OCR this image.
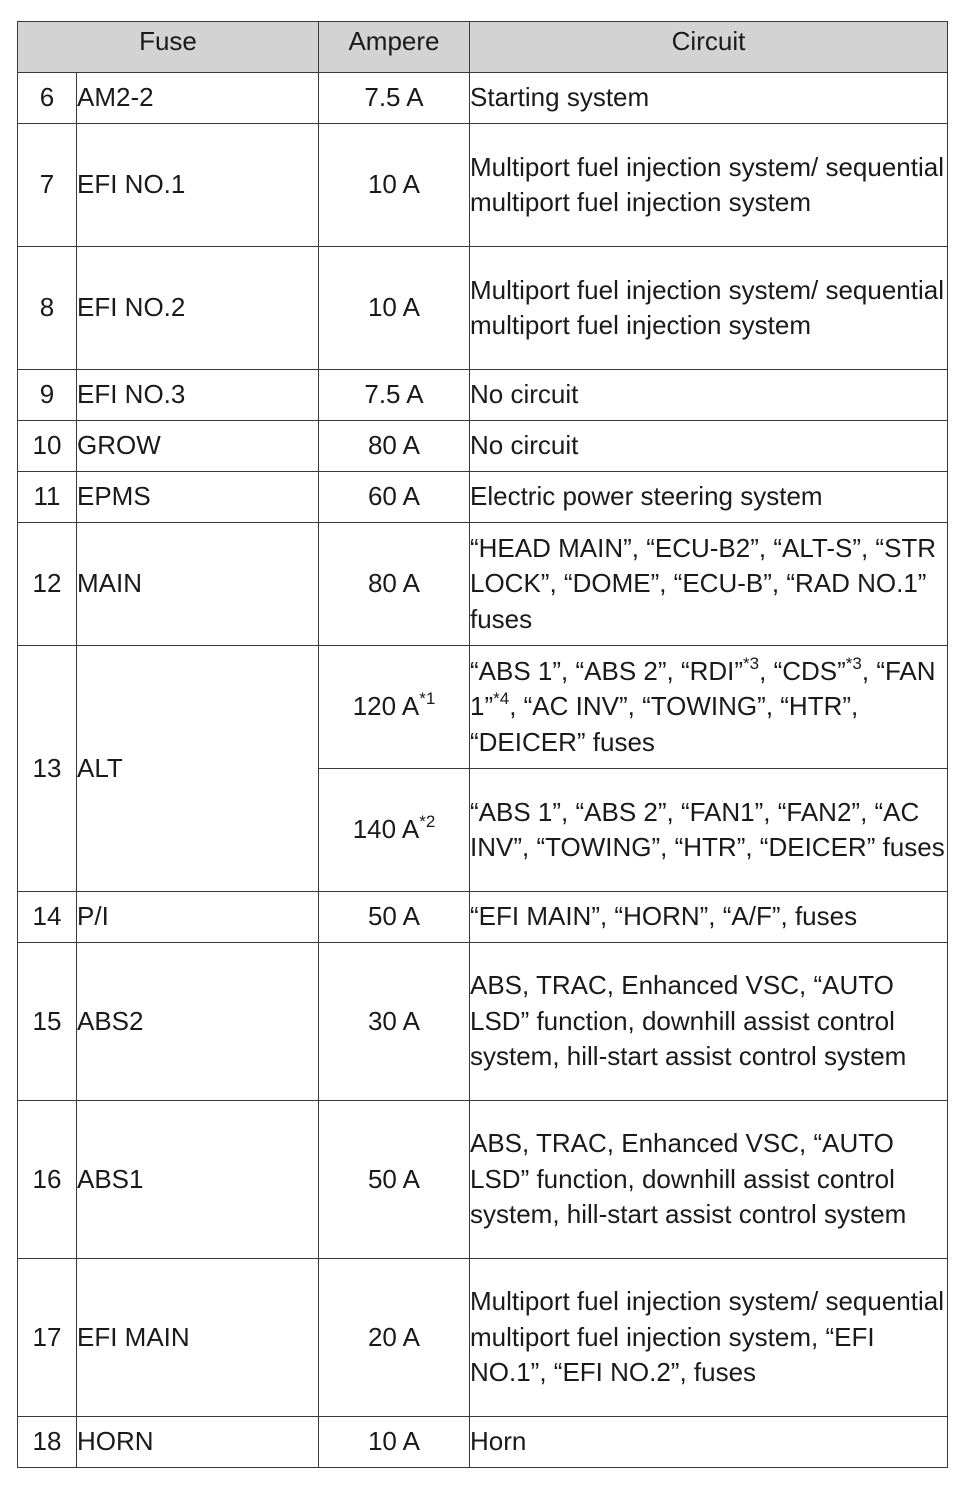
Fuse		Ampere	Circuit
6	AM2-2	7.5 A	Starting system
7	EFI NO.1	10 A	Multiport fuel injection system/ sequential multiport fuel injection system
8	EFI NO.2	10 A	Multiport fuel injection system/ sequential multiport fuel injection system
9	EFI NO.3	7.5 A	No circuit
10	GROW	80 A	No circuit
11	EPMS	60 A	Electric power steering system
12	MAIN	80 A	“HEAD MAIN”, “ECU-B2”, “ALT-S”, “STR LOCK”, “DOME”, “ECU-B”, “RAD NO.1” fuses
13	ALT	120 $A^{*1}$	“ABS 1”, “ABS 2”, “RDI”$^{*3}$, “CDS”$^{*3}$, “FAN 1”$^{*4}$, “AC INV”, “TOWING”, “HTR”, “DEICER” fuses
		140 $A^{*2}$	“ABS 1”, “ABS 2”, “FAN1”, “FAN2”, “AC INV”, “TOWING”, “HTR”, “DEICER” fuses
14	P/I	50 A	“EFI MAIN”, “HORN”, “A/F”, fuses
15	ABS2	30 A	ABS, TRAC, Enhanced VSC, “AUTO LSD” function, downhill assist control system, hill-start assist control system
16	ABS1	50 A	ABS, TRAC, Enhanced VSC, “AUTO LSD” function, downhill assist control system, hill-start assist control system
17	EFI MAIN	20 A	Multiport fuel injection system/ sequential multiport fuel injection system, “EFI NO.1”, “EFI NO.2”, fuses
18	HORN	10 A	Horn
